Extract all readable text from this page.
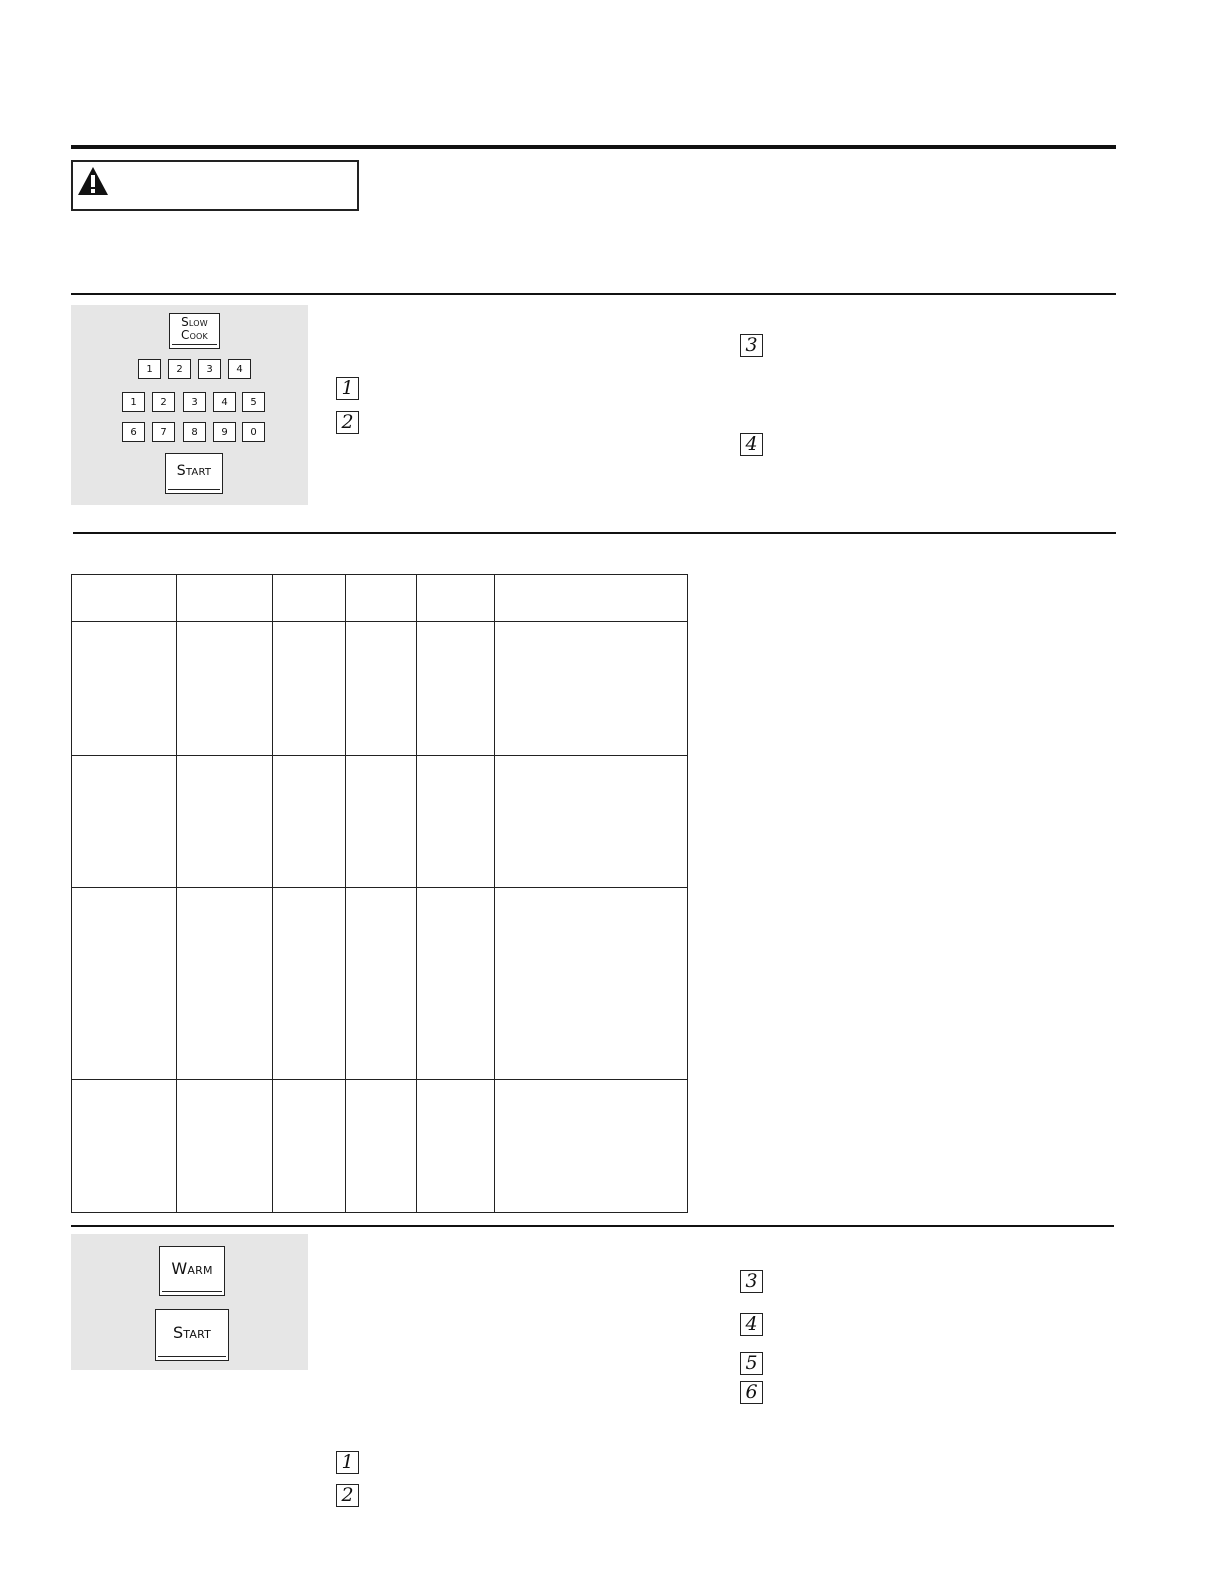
Slow
Cook
1	2	3	4
1	2	3	4	5
6	7	8	9	0
Start
1
2
3
4

Warm
Start
3
4
5
6
1
2
